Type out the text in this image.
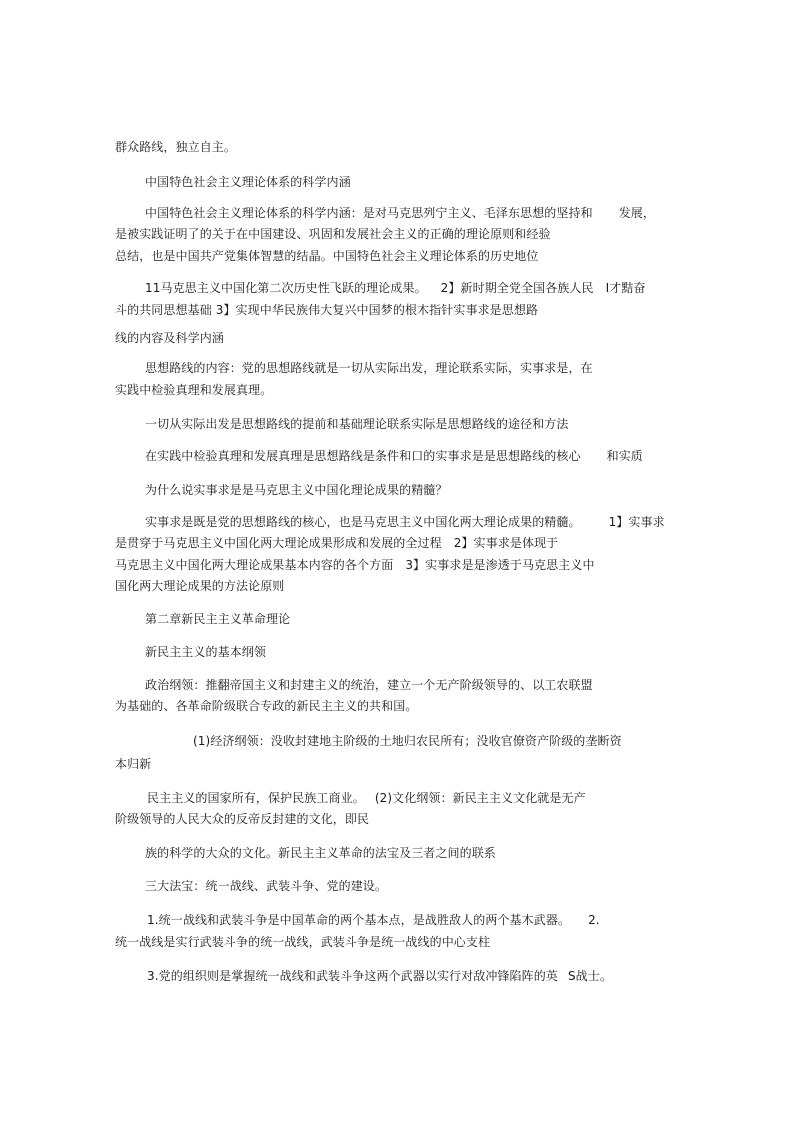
群众路线，独立自主。
中国特色社会主义理论体系的科学内涵
中国特色社会主义理论体系的科学内涵：是对马克思列宁主义、毛泽东思想的坚持和 发展，
是被实践证明了的关于在中国建设、巩固和发展社会主义的正确的理论原则和经验
总结，也是中国共产党集体智慧的结晶。中国特色社会主义理论体系的历史地位
11马克思主义中国化第二次历史性飞跃的理论成果。 2】新时期全党全国各族人民 I才黠奋
斗的共同思想基础 3】实现中华民族伟大复兴中国梦的根木指针实事求是思想路
线的内容及科学内涵
思想路线的内容：党的思想路线就是一切从实际出发，理论联系实际，实事求是，在
实践中检验真理和发展真理。
一切从实际出发是思想路线的提前和基础理论联系实际是思想路线的途径和方法
在实践中检验真理和发展真理是思想路线是条件和口的实事求是是思想路线的核心 和实质
为什么说实事求是是马克思主义中国化理论成果的精髓？
实事求是既是党的思想路线的核心，也是马克思主义中国化两大理论成果的精髓。 1】实事求
是贯穿于马克思主义中国化两大理论成果形成和发展的全过程 2】实事求是体现于
马克思主义中国化两大理论成果基本内容的各个方面 3】实事求是是渗透于马克思主义中
国化两大理论成果的方法论原则
第二章新民主主义革命理论
新民主主义的基本纲领
政治纲领：推翻帝国主义和封建主义的统治，建立一个无产阶级领导的、以工农联盟
为基础的、各革命阶级联合专政的新民主主义的共和国。
(1)经济纲领：没收封建地主阶级的土地归农民所有；没收官僚资产阶级的垄断资
本归新
民主主义的国家所有，保护民族工商业。 (2)文化纲领：新民主主义文化就是无产
阶级领导的人民大众的反帝反封建的文化，即民
族的科学的大众的文化。新民主主义革命的法宝及三者之间的联系
三大法宝：统一战线、武装斗争、党的建设。
1.统一战线和武装斗争是中国革命的两个基本点，是战胜敌人的两个基木武器。 2.
统一战线是实行武装斗争的统一战线，武装斗争是统一战线的中心支柱
3.党的组织则是掌握统一战线和武装斗争这两个武器以实行对敌冲锋陷阵的英 S战士。
